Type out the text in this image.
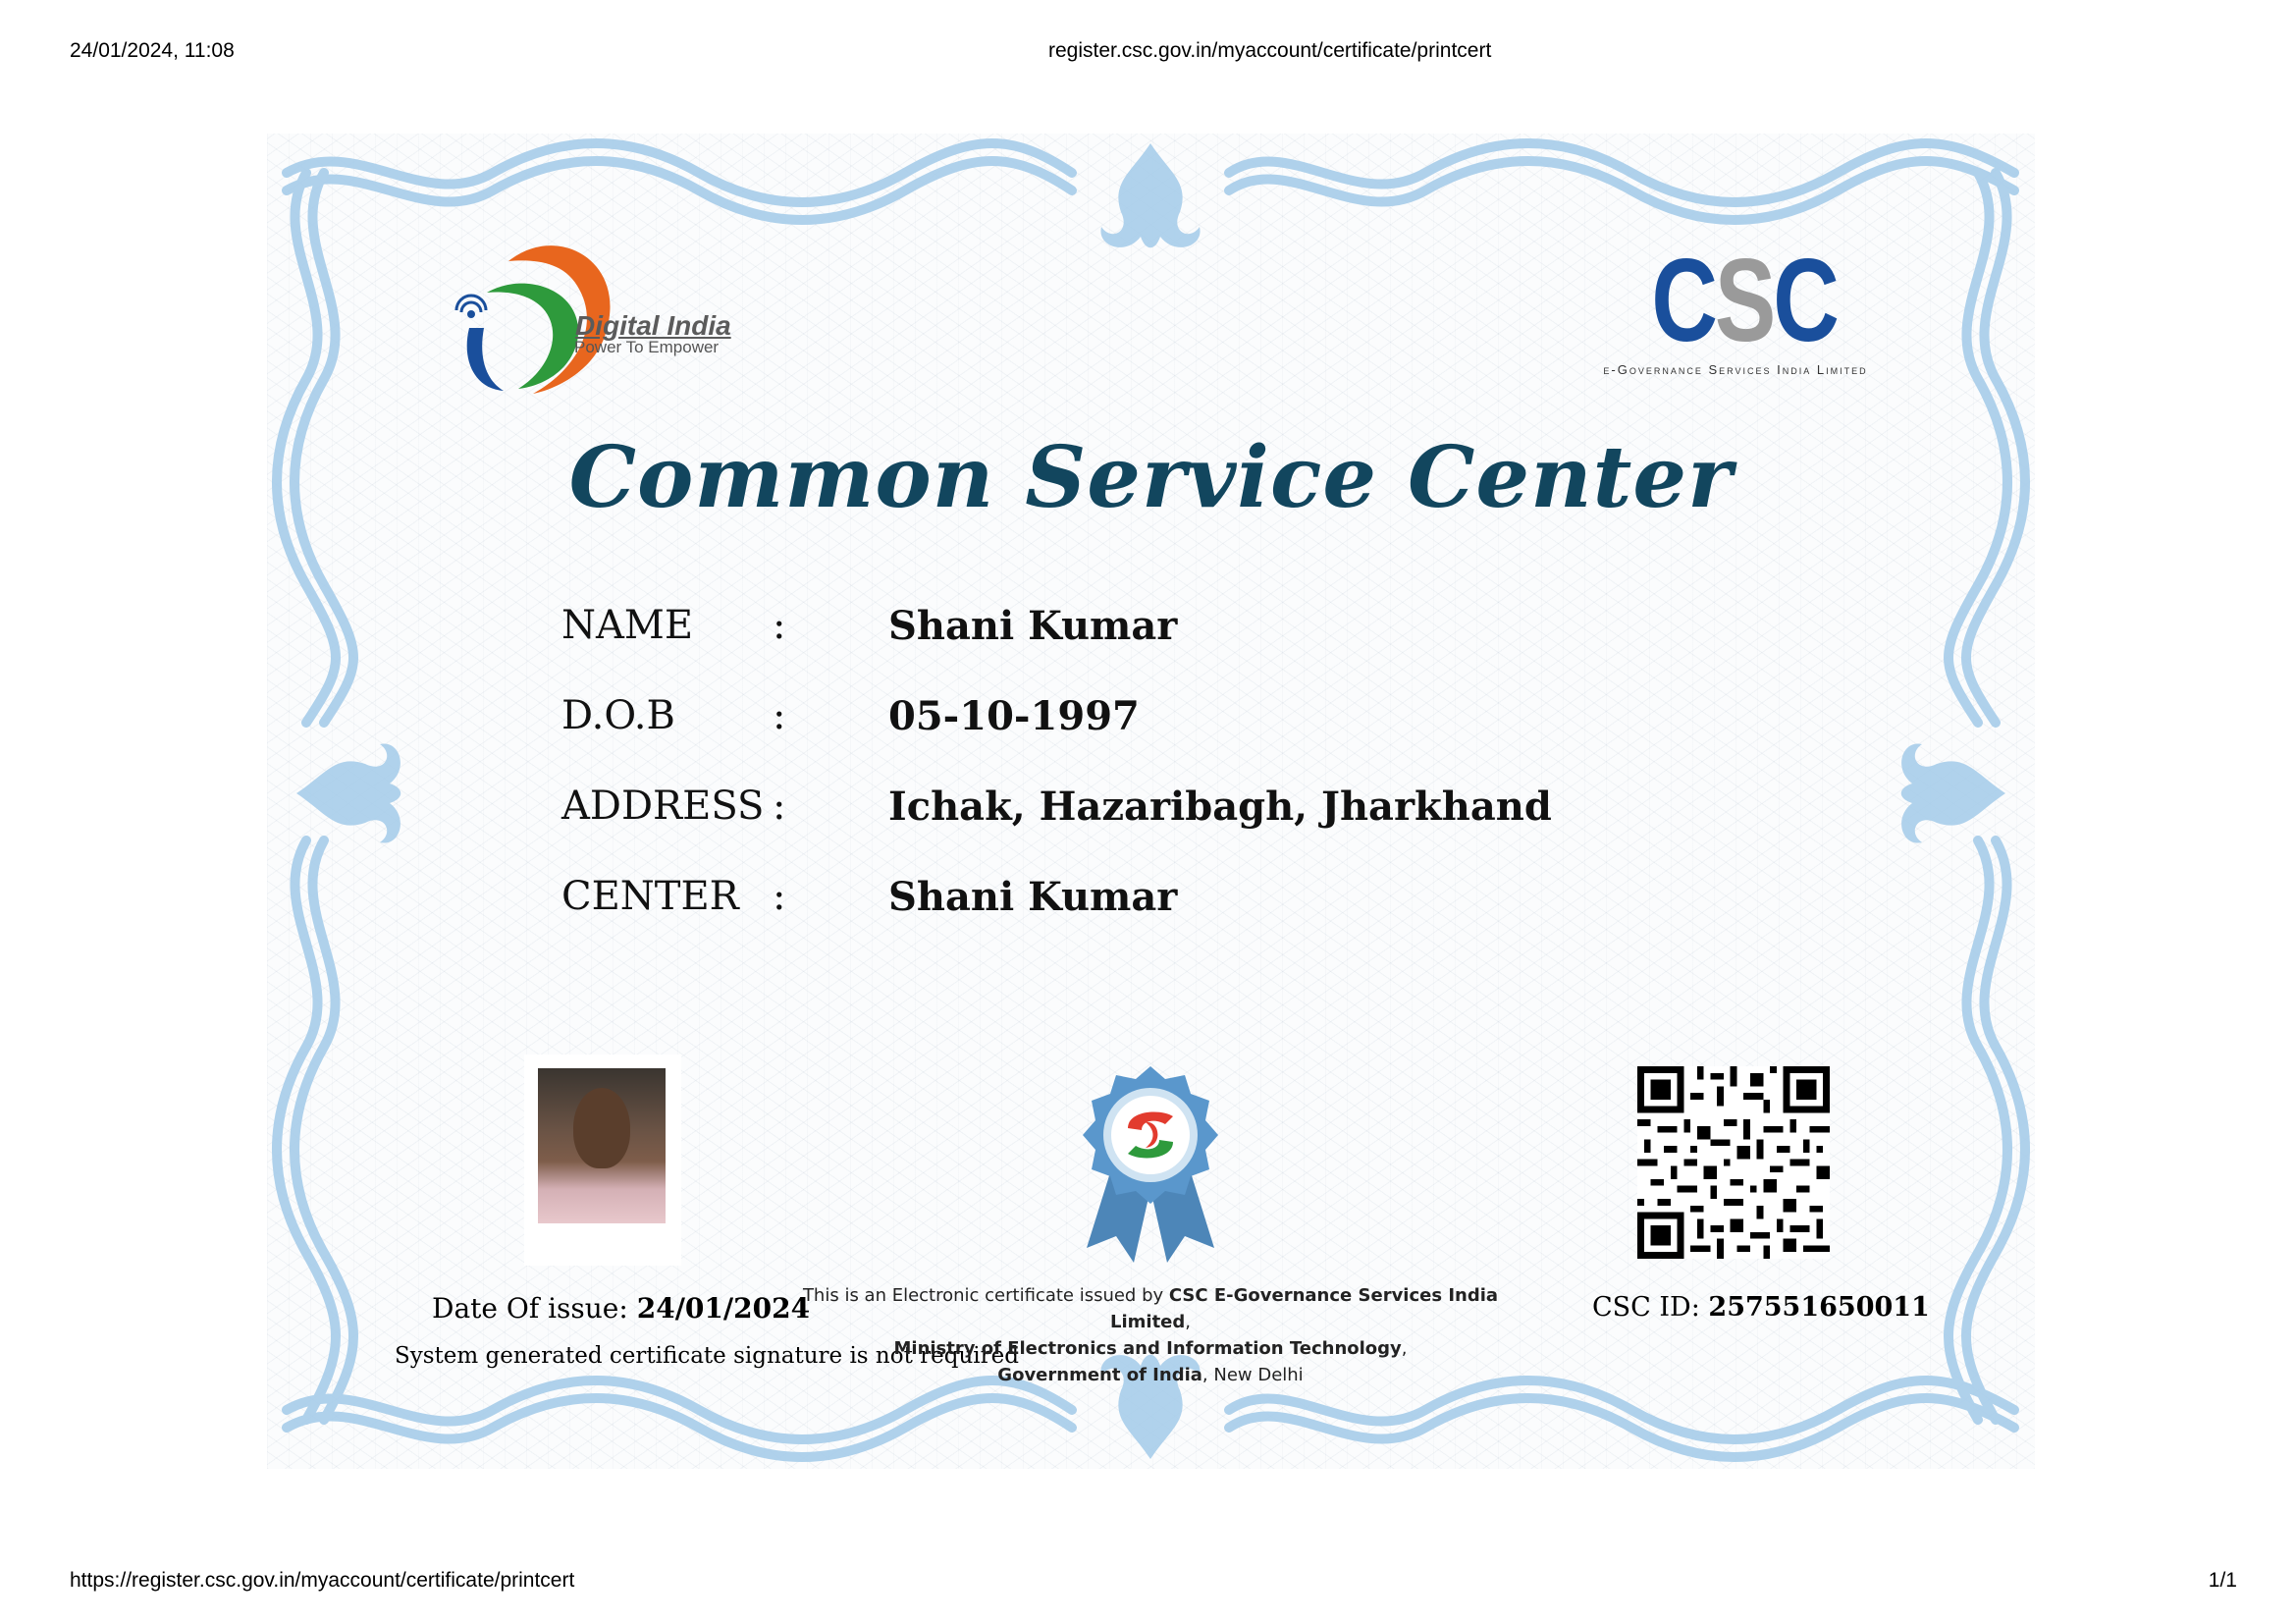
24/01/2024, 11:08	register.csc.gov.in/myaccount/certificate/printcert
Digital India
Power To Empower	CSC
e-Governance Services India Limited
Common Service Center
NAME :	Shani Kumar
D.O.B :	05-10-1997
ADDRESS :	Ichak, Hazaribagh, Jharkhand
CENTER :	Shani Kumar
Date Of issue: 24/01/2024
System generated certificate signature is not required
This is an Electronic certificate issued by CSC E-Governance Services India Limited,
Ministry of Electronics and Information Technology,
Government of India, New Delhi
CSC ID: 257551650011
https://register.csc.gov.in/myaccount/certificate/printcert	1/1
